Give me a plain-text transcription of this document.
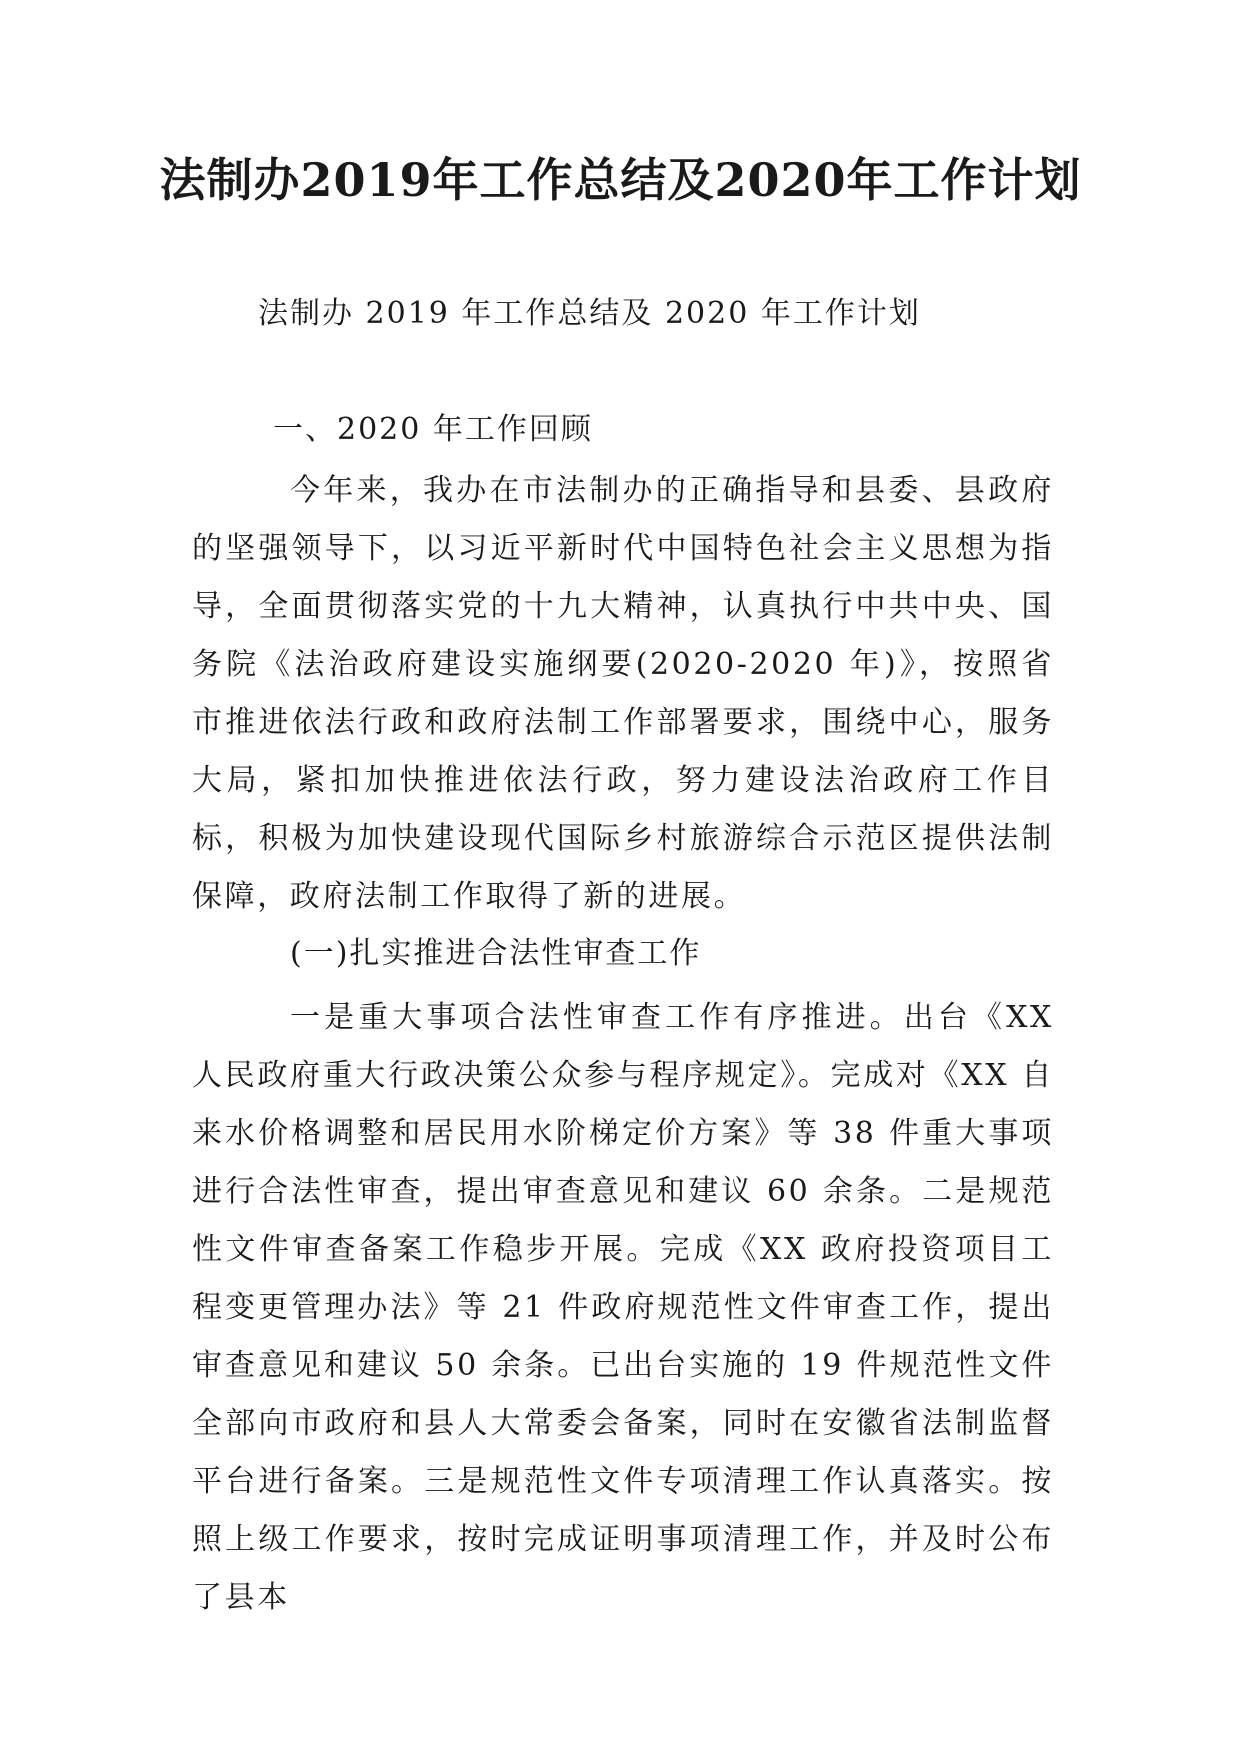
法制办2019年工作总结及2020年工作计划

法制办 2019 年工作总结及 2020 年工作计划

一、2020 年工作回顾

今年来，我办在市法制办的正确指导和县委、县政府的坚强领导下，以习近平新时代中国特色社会主义思想为指导，全面贯彻落实党的十九大精神，认真执行中共中央、国务院《法治政府建设实施纲要(2020-2020 年)》，按照省市推进依法行政和政府法制工作部署要求，围绕中心，服务大局，紧扣加快推进依法行政，努力建设法治政府工作目标，积极为加快建设现代国际乡村旅游综合示范区提供法制保障，政府法制工作取得了新的进展。

(一)扎实推进合法性审查工作

一是重大事项合法性审查工作有序推进。出台《XX 人民政府重大行政决策公众参与程序规定》。完成对《XX 自来水价格调整和居民用水阶梯定价方案》等 38 件重大事项进行合法性审查，提出审查意见和建议 60 余条。二是规范性文件审查备案工作稳步开展。完成《XX 政府投资项目工程变更管理办法》等 21 件政府规范性文件审查工作，提出审查意见和建议 50 余条。已出台实施的 19 件规范性文件全部向市政府和县人大常委会备案，同时在安徽省法制监督平台进行备案。三是规范性文件专项清理工作认真落实。按照上级工作要求，按时完成证明事项清理工作，并及时公布了县本
